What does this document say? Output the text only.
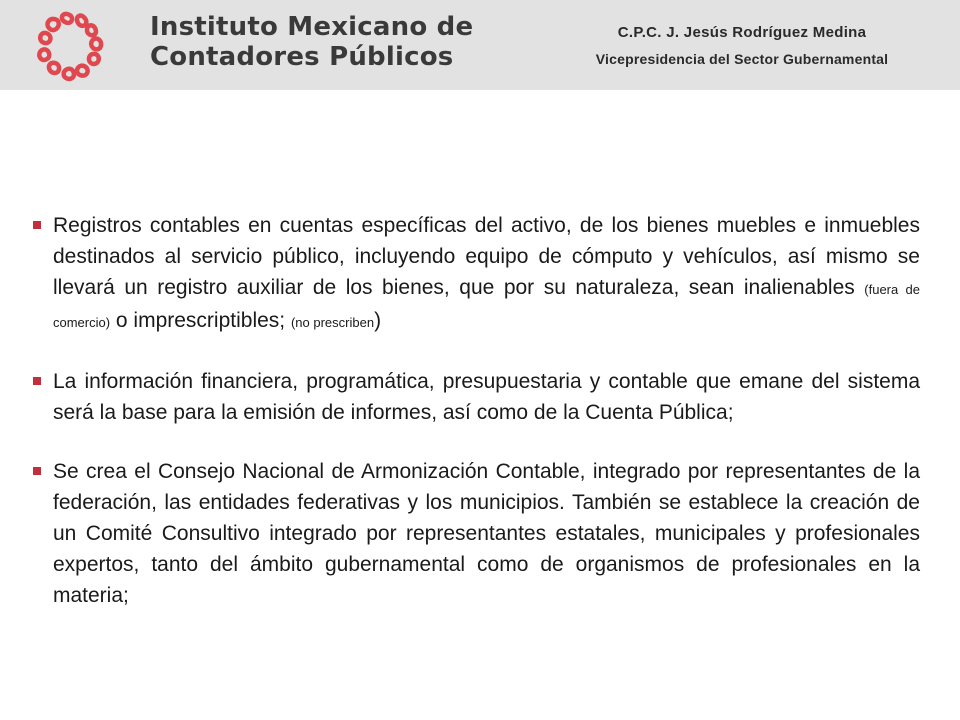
Instituto Mexicano de
Contadores Públicos
C.P.C. J. Jesús Rodríguez Medina
Vicepresidencia del Sector Gubernamental
Registros contables en cuentas específicas del activo, de los bienes muebles e inmuebles destinados al servicio público, incluyendo equipo de cómputo y vehículos, así mismo se llevará un registro auxiliar de los bienes, que por su naturaleza, sean inalienables (fuera de comercio) o imprescriptibles; (no prescriben)
La información financiera, programática, presupuestaria y contable que emane del sistema será la base para la emisión de informes, así como de la Cuenta Pública;
Se crea el Consejo Nacional de Armonización Contable, integrado por representantes de la federación, las entidades federativas y los municipios. También se establece la creación de un Comité Consultivo integrado por representantes estatales, municipales y profesionales expertos, tanto del ámbito gubernamental como de organismos de profesionales en la materia;
